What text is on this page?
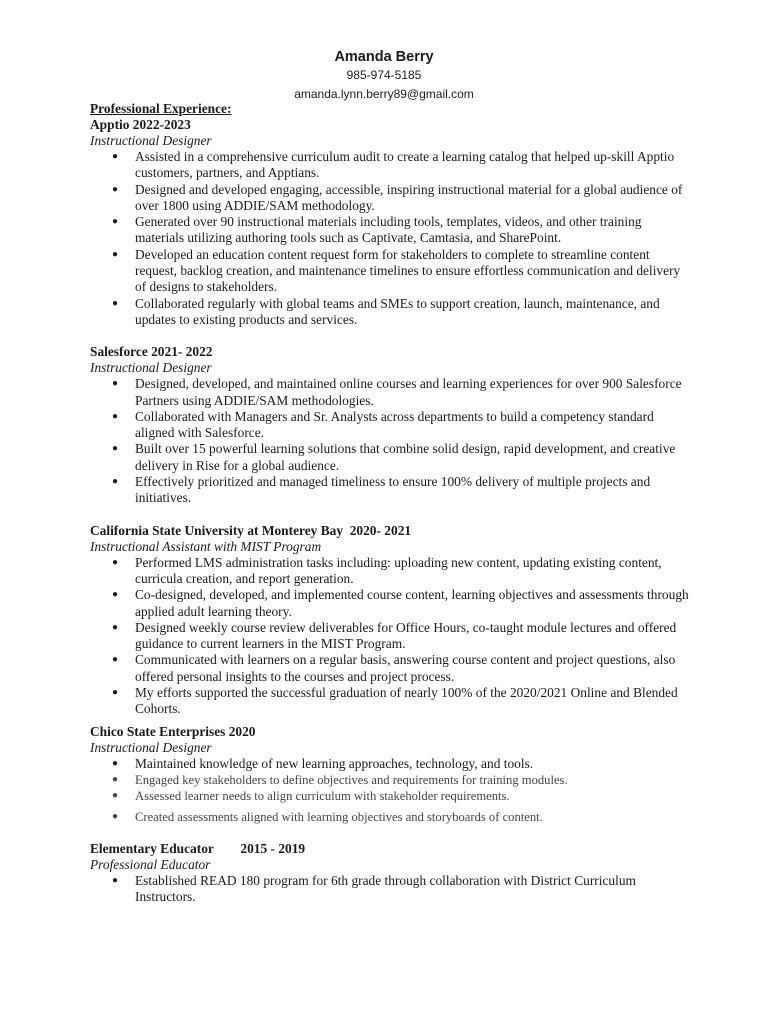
Amanda Berry
985-974-5185
amanda.lynn.berry89@gmail.com
Professional Experience:
Apptio 2022-2023
Instructional Designer
● Assisted in a comprehensive curriculum audit to create a learning catalog that helped up-skill Apptio customers, partners, and Apptians.
● Designed and developed engaging, accessible, inspiring instructional material for a global audience of over 1800 using ADDIE/SAM methodology.
● Generated over 90 instructional materials including tools, templates, videos, and other training materials utilizing authoring tools such as Captivate, Camtasia, and SharePoint.
● Developed an education content request form for stakeholders to complete to streamline content request, backlog creation, and maintenance timelines to ensure effortless communication and delivery of designs to stakeholders.
● Collaborated regularly with global teams and SMEs to support creation, launch, maintenance, and updates to existing products and services.
Salesforce 2021- 2022
Instructional Designer
● Designed, developed, and maintained online courses and learning experiences for over 900 Salesforce Partners using ADDIE/SAM methodologies.
● Collaborated with Managers and Sr. Analysts across departments to build a competency standard aligned with Salesforce.
● Built over 15 powerful learning solutions that combine solid design, rapid development, and creative delivery in Rise for a global audience.
● Effectively prioritized and managed timeliness to ensure 100% delivery of multiple projects and initiatives.
California State University at Monterey Bay  2020- 2021
Instructional Assistant with MIST Program
● Performed LMS administration tasks including: uploading new content, updating existing content, curricula creation, and report generation.
● Co-designed, developed, and implemented course content, learning objectives and assessments through applied adult learning theory.
● Designed weekly course review deliverables for Office Hours, co-taught module lectures and offered guidance to current learners in the MIST Program.
● Communicated with learners on a regular basis, answering course content and project questions, also offered personal insights to the courses and project process.
● My efforts supported the successful graduation of nearly 100% of the 2020/2021 Online and Blended Cohorts.
Chico State Enterprises 2020
Instructional Designer
● Maintained knowledge of new learning approaches, technology, and tools.
● Engaged key stakeholders to define objectives and requirements for training modules.
● Assessed learner needs to align curriculum with stakeholder requirements.
● Created assessments aligned with learning objectives and storyboards of content.
Elementary Educator        2015 - 2019
Professional Educator
● Established READ 180 program for 6th grade through collaboration with District Curriculum Instructors.
